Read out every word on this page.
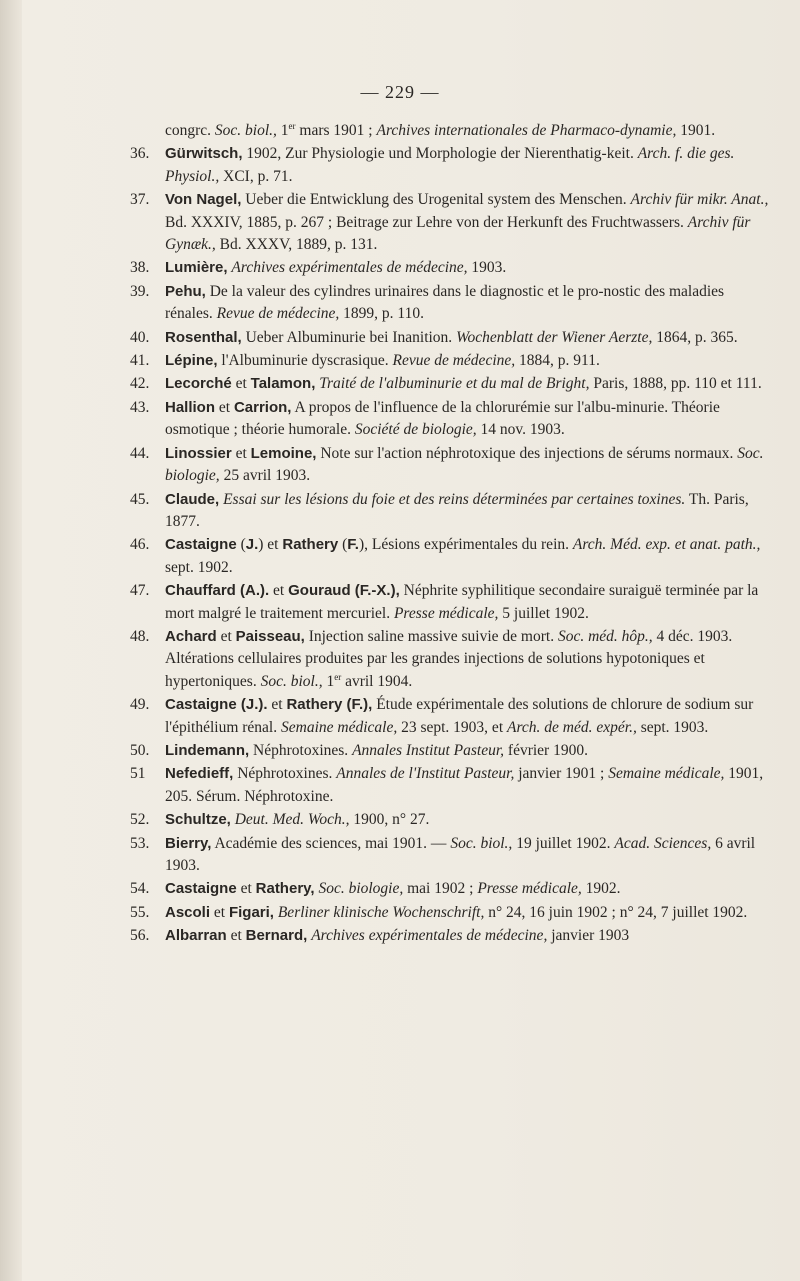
— 229 —

congrc. Soc. biol., 1er mars 1901 ; Archives internationales de Pharmaco-dynamie, 1901.

36. Gürwitsch, 1902, Zur Physiologie und Morphologie der Nierenthatig-keit. Arch. f. die ges. Physiol., XCI, p. 71.
37. Von Nagel, Ueber die Entwicklung des Urogenital system des Menschen. Archiv für mikr. Anat., Bd. XXXIV, 1885, p. 267 ; Beitrage zur Lehre von der Herkunft des Fruchtwassers. Archiv für Gynæk., Bd. XXXV, 1889, p. 131.
38. Lumière, Archives expérimentales de médecine, 1903.
39. Pehu, De la valeur des cylindres urinaires dans le diagnostic et le pro-nostic des maladies rénales. Revue de médecine, 1899, p. 110.
40. Rosenthal, Ueber Albuminurie bei Inanition. Wochenblatt der Wiener Aerzte, 1864, p. 365.
41. Lépine, l'Albuminurie dyscrasique. Revue de médecine, 1884, p. 911.
42. Lecorché et Talamon, Traité de l'albuminurie et du mal de Bright, Paris, 1888, pp. 110 et 111.
43. Hallion et Carrion, A propos de l'influence de la chlorurémie sur l'albu-minurie. Théorie osmotique ; théorie humorale. Société de biologie, 14 nov. 1903.
44. Linossier et Lemoine, Note sur l'action néphrotoxique des injections de sérums normaux. Soc. biologie, 25 avril 1903.
45. Claude, Essai sur les lésions du foie et des reins déterminées par certaines toxines. Th. Paris, 1877.
46. Castaigne (J.) et Rathery (F.), Lésions expérimentales du rein. Arch. Méd. exp. et anat. path., sept. 1902.
47. Chauffard (A.). et Gouraud (F.-X.), Néphrite syphilitique secondaire suraiguë terminée par la mort malgré le traitement mercuriel. Presse médicale, 5 juillet 1902.
48. Achard et Paisseau, Injection saline massive suivie de mort. Soc. méd. hôp., 4 déc. 1903. Altérations cellulaires produites par les grandes injections de solutions hypotoniques et hypertoniques. Soc. biol., 1er avril 1904.
49. Castaigne (J.). et Rathery (F.), Étude expérimentale des solutions de chlorure de sodium sur l'épithélium rénal. Semaine médicale, 23 sept. 1903, et Arch. de méd. expér., sept. 1903.
50. Lindemann, Néphrotoxines. Annales Institut Pasteur, février 1900.
51 Nefedieff, Néphrotoxines. Annales de l'Institut Pasteur, janvier 1901 ; Semaine médicale, 1901, 205. Sérum. Néphrotoxine.
52. Schultze, Deut. Med. Woch., 1900, n° 27.
53. Bierry, Académie des sciences, mai 1901. — Soc. biol., 19 juillet 1902. Acad. Sciences, 6 avril 1903.
54. Castaigne et Rathery, Soc. biologie, mai 1902 ; Presse médicale, 1902.
55. Ascoli et Figari, Berliner klinische Wochenschrift, n° 24, 16 juin 1902 ; n° 24, 7 juillet 1902.
56. Albarran et Bernard, Archives expérimentales de médecine, janvier 1903
